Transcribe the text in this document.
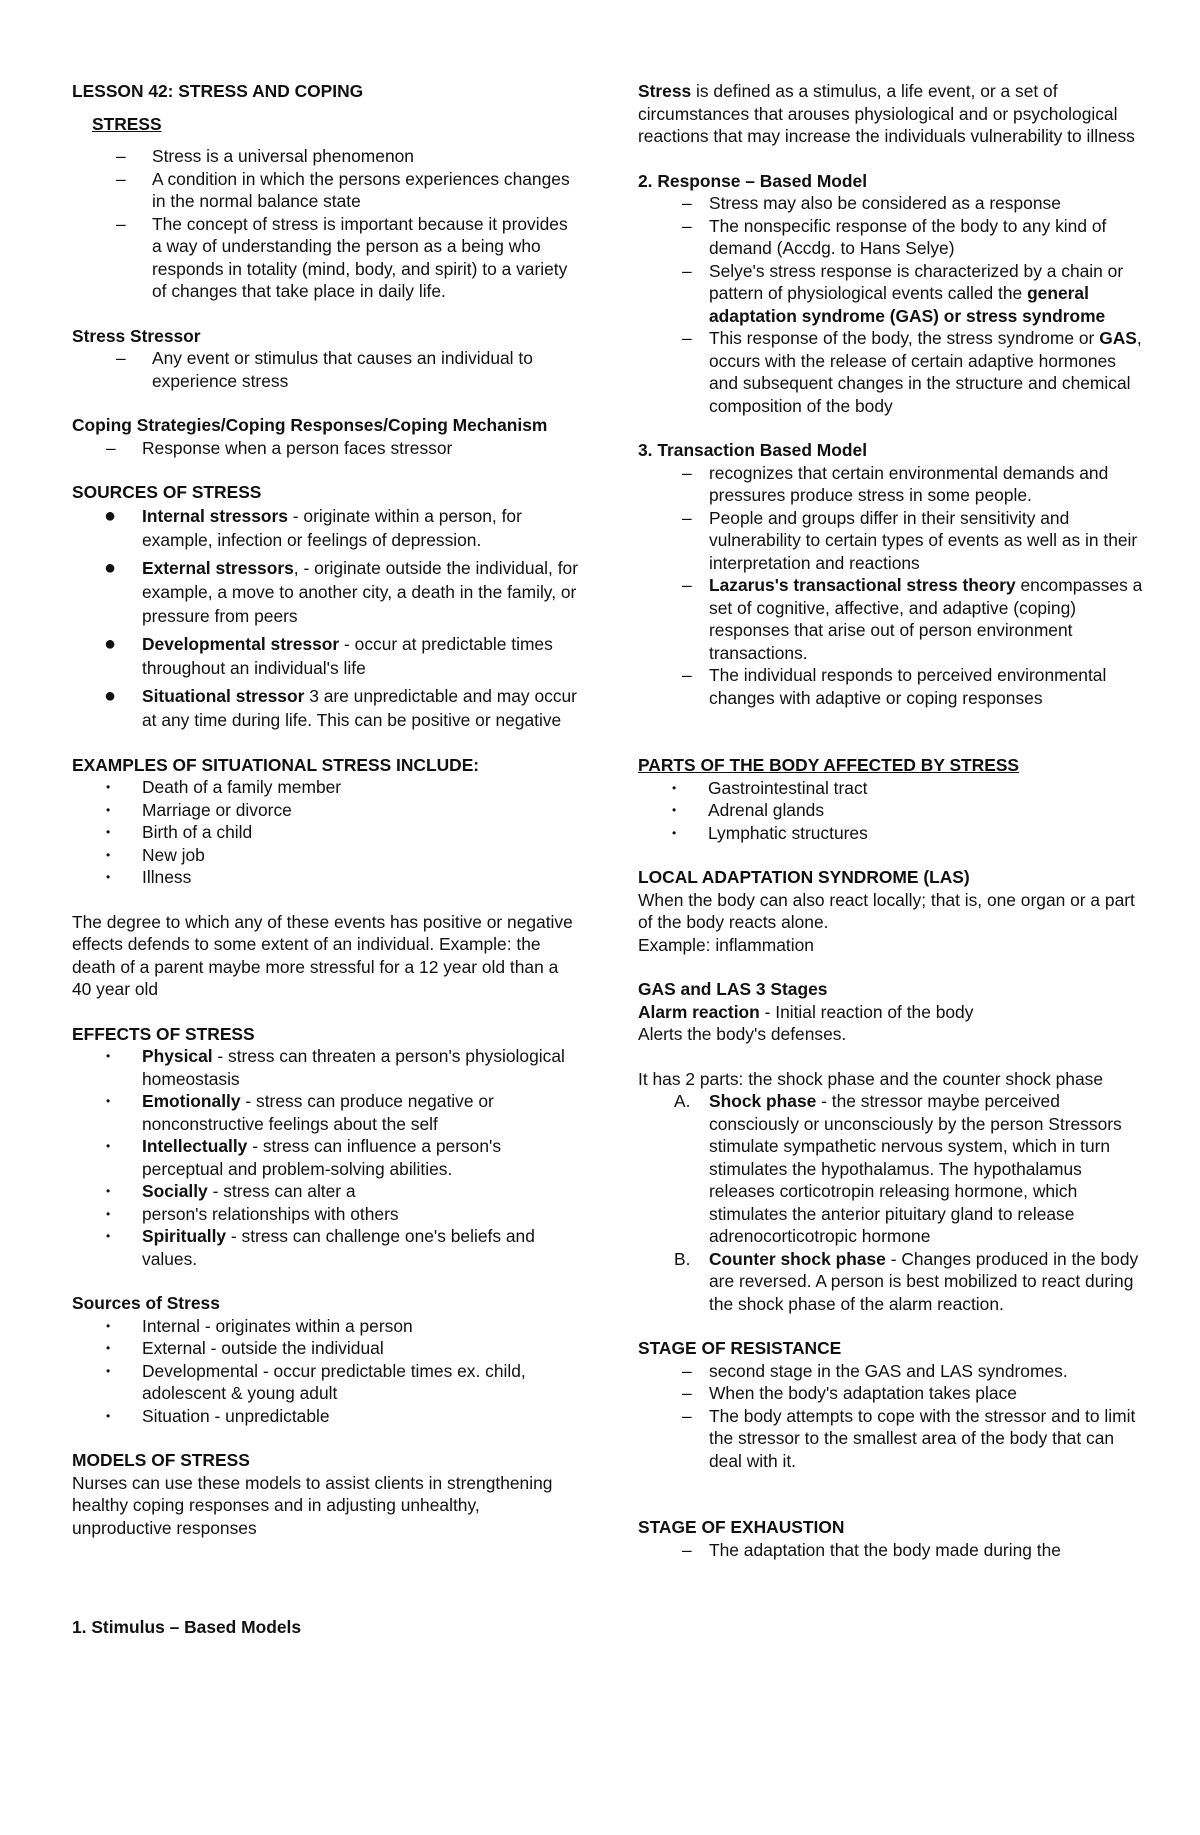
LESSON 42: STRESS AND COPING

STRESS

– Stress is a universal phenomenon
– A condition in which the persons experiences changes in the normal balance state
– The concept of stress is important because it provides a way of understanding the person as a being who responds in totality (mind, body, and spirit) to a variety of changes that take place in daily life.

Stress Stressor

– Any event or stimulus that causes an individual to experience stress

Coping Strategies/Coping Responses/Coping Mechanism

– Response when a person faces stressor

SOURCES OF STRESS

● Internal stressors - originate within a person, for example, infection or feelings of depression.
● External stressors, - originate outside the individual, for example, a move to another city, a death in the family, or pressure from peers
● Developmental stressor - occur at predictable times throughout an individual's life
● Situational stressor 3 are unpredictable and may occur at any time during life. This can be positive or negative

EXAMPLES OF SITUATIONAL STRESS INCLUDE:

• Death of a family member
• Marriage or divorce
• Birth of a child
• New job
• Illness

The degree to which any of these events has positive or negative effects defends to some extent of an individual. Example: the death of a parent maybe more stressful for a 12 year old than a 40 year old

EFFECTS OF STRESS

• Physical - stress can threaten a person's physiological homeostasis
• Emotionally - stress can produce negative or nonconstructive feelings about the self
• Intellectually - stress can influence a person's perceptual and problem-solving abilities.
• Socially - stress can alter a
• person's relationships with others
• Spiritually - stress can challenge one's beliefs and values.

Sources of Stress

• Internal - originates within a person
• External - outside the individual
• Developmental - occur predictable times ex. child, adolescent & young adult
• Situation - unpredictable

MODELS OF STRESS

Nurses can use these models to assist clients in strengthening healthy coping responses and in adjusting unhealthy, unproductive responses

1. Stimulus – Based Models

Stress is defined as a stimulus, a life event, or a set of circumstances that arouses physiological and or psychological reactions that may increase the individuals vulnerability to illness

2. Response – Based Model

– Stress may also be considered as a response
– The nonspecific response of the body to any kind of demand (Accdg. to Hans Selye)
– Selye's stress response is characterized by a chain or pattern of physiological events called the general adaptation syndrome (GAS) or stress syndrome
– This response of the body, the stress syndrome or GAS, occurs with the release of certain adaptive hormones and subsequent changes in the structure and chemical composition of the body

3. Transaction Based Model

– recognizes that certain environmental demands and pressures produce stress in some people.
– People and groups differ in their sensitivity and vulnerability to certain types of events as well as in their interpretation and reactions
– Lazarus's transactional stress theory encompasses a set of cognitive, affective, and adaptive (coping) responses that arise out of person environment transactions.
– The individual responds to perceived environmental changes with adaptive or coping responses

PARTS OF THE BODY AFFECTED BY STRESS

• Gastrointestinal tract
• Adrenal glands
• Lymphatic structures

LOCAL ADAPTATION SYNDROME (LAS)

When the body can also react locally; that is, one organ or a part of the body reacts alone.

Example: inflammation

GAS and LAS 3 Stages

Alarm reaction - Initial reaction of the body

Alerts the body's defenses.

It has 2 parts: the shock phase and the counter shock phase

A. Shock phase - the stressor maybe perceived consciously or unconsciously by the person Stressors stimulate sympathetic nervous system, which in turn stimulates the hypothalamus. The hypothalamus releases corticotropin releasing hormone, which stimulates the anterior pituitary gland to release adrenocorticotropic hormone
B. Counter shock phase - Changes produced in the body are reversed. A person is best mobilized to react during the shock phase of the alarm reaction.

STAGE OF RESISTANCE

– second stage in the GAS and LAS syndromes.
– When the body's adaptation takes place
– The body attempts to cope with the stressor and to limit the stressor to the smallest area of the body that can deal with it.

STAGE OF EXHAUSTION

– The adaptation that the body made during the
